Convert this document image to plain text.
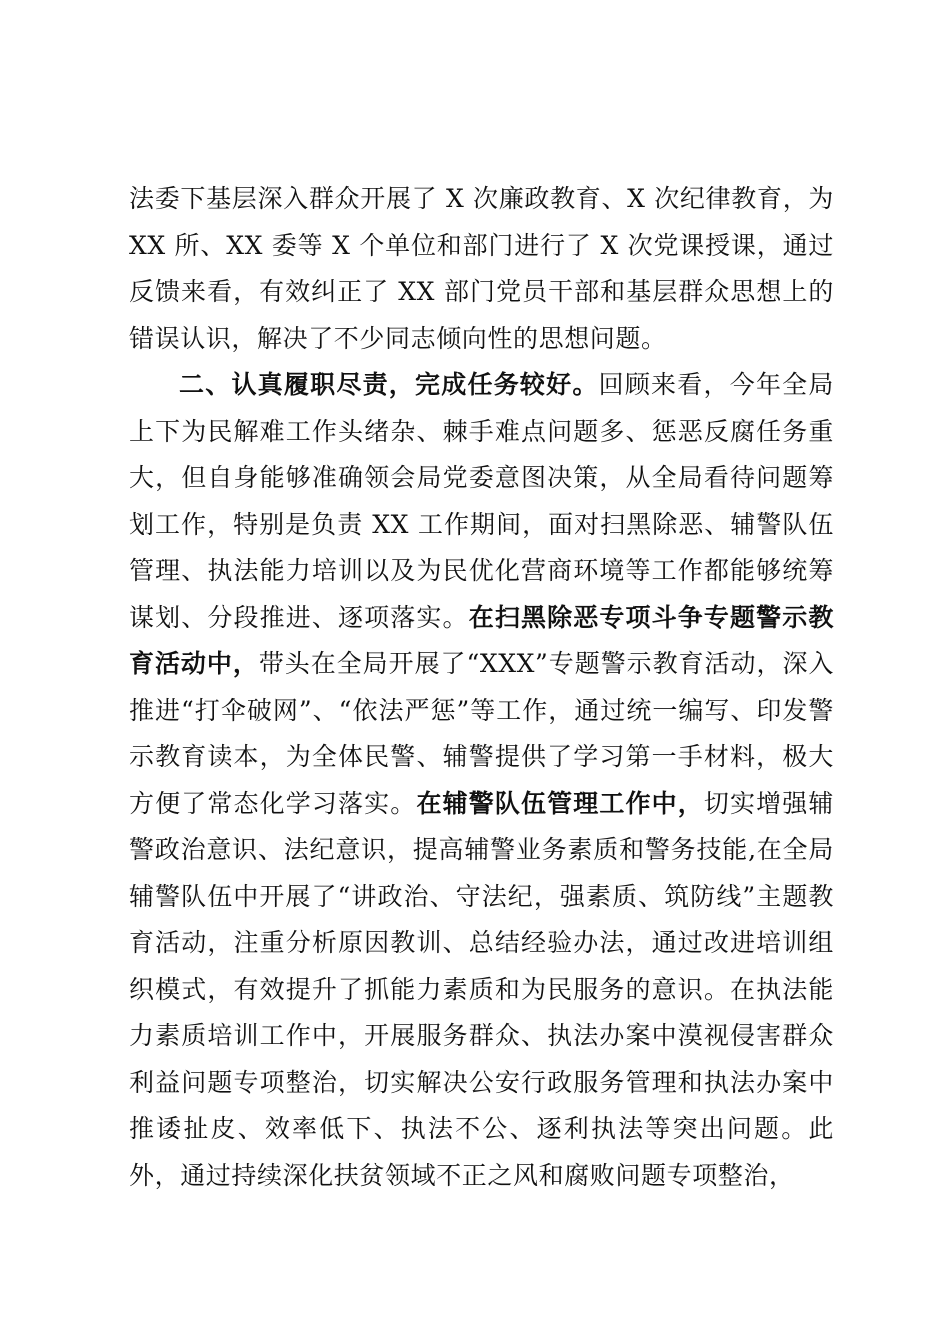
法委下基层深入群众开展了 X 次廉政教育、X 次纪律教育，为 XX 所、XX 委等 X 个单位和部门进行了 X 次党课授课，通过反馈来看，有效纠正了 XX 部门党员干部和基层群众思想上的错误认识，解决了不少同志倾向性的思想问题。

二、认真履职尽责，完成任务较好。回顾来看，今年全局上下为民解难工作头绪杂、棘手难点问题多、惩恶反腐任务重大，但自身能够准确领会局党委意图决策，从全局看待问题筹划工作，特别是负责 XX 工作期间，面对扫黑除恶、辅警队伍管理、执法能力培训以及为民优化营商环境等工作都能够统筹谋划、分段推进、逐项落实。在扫黑除恶专项斗争专题警示教育活动中，带头在全局开展了“XXX”专题警示教育活动，深入推进“打伞破网”、“依法严惩”等工作，通过统一编写、印发警示教育读本，为全体民警、辅警提供了学习第一手材料，极大方便了常态化学习落实。在辅警队伍管理工作中，切实增强辅警政治意识、法纪意识，提高辅警业务素质和警务技能,在全局辅警队伍中开展了“讲政治、守法纪，强素质、筑防线”主题教育活动，注重分析原因教训、总结经验办法，通过改进培训组织模式，有效提升了抓能力素质和为民服务的意识。在执法能力素质培训工作中，开展服务群众、执法办案中漠视侵害群众利益问题专项整治，切实解决公安行政服务管理和执法办案中推诿扯皮、效率低下、执法不公、逐利执法等突出问题。此外，通过持续深化扶贫领域不正之风和腐败问题专项整治，
